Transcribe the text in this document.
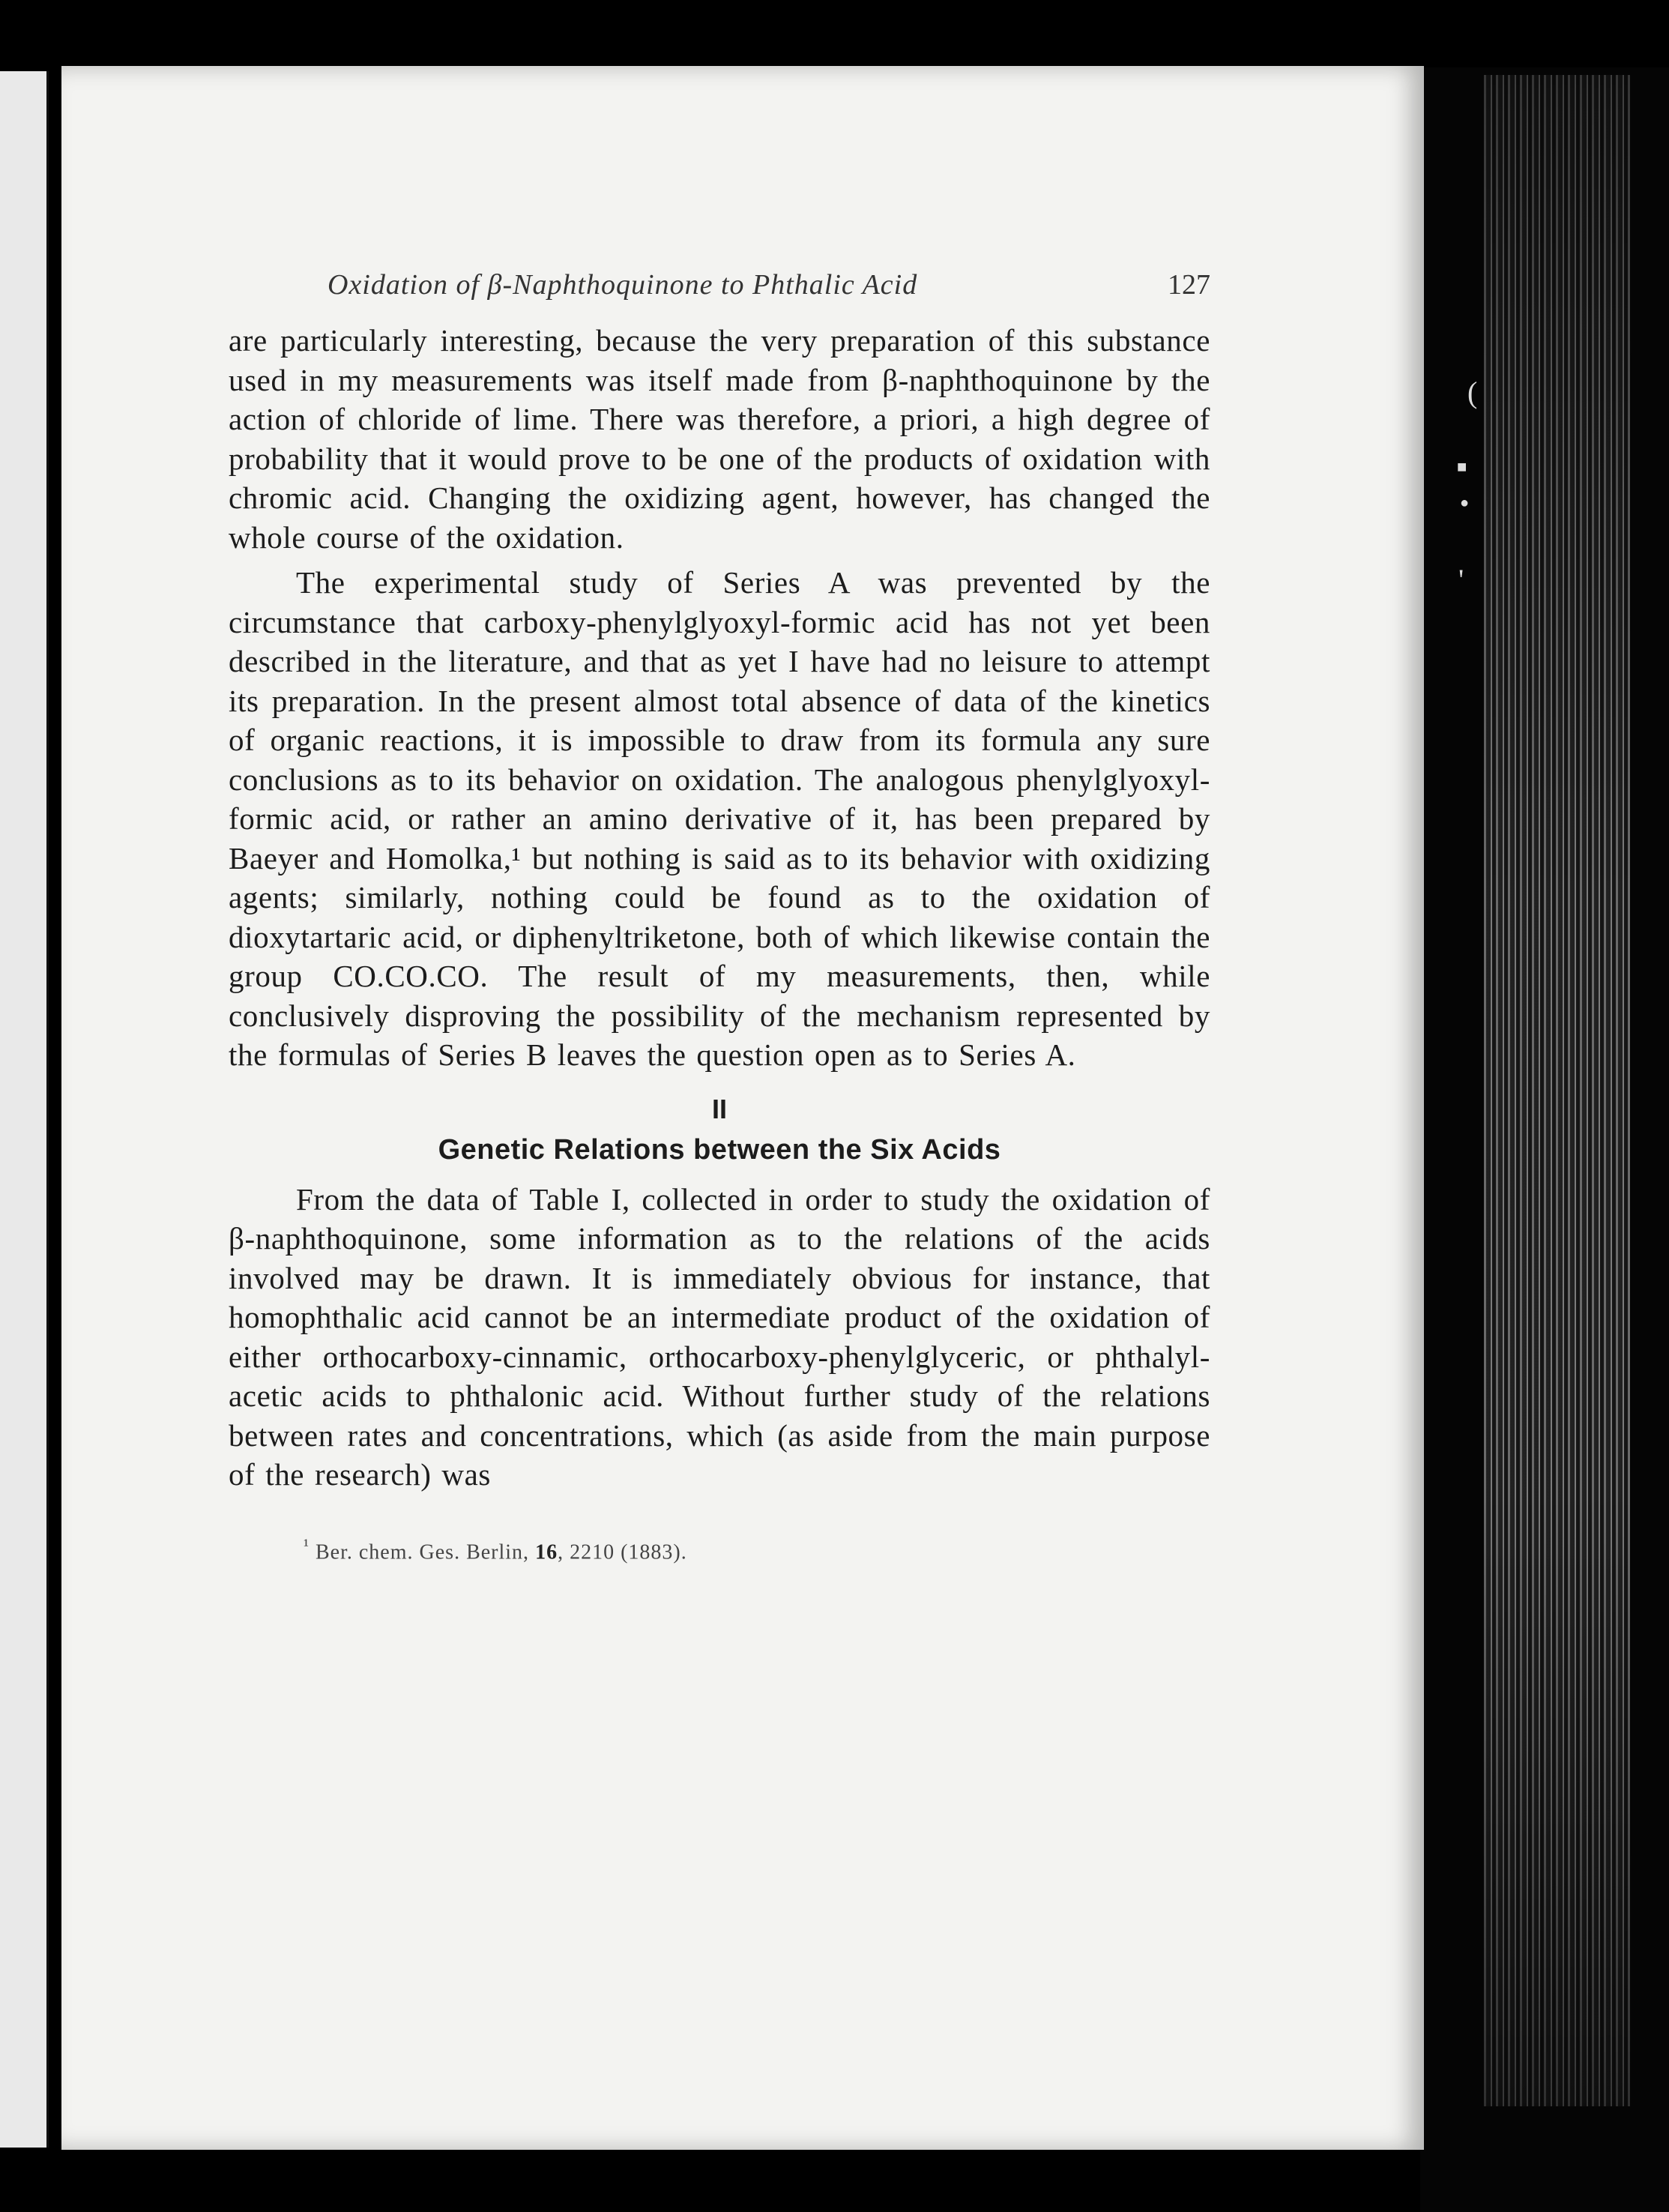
(
■
●
'
Oxidation of β-Naphthoquinone to Phthalic Acid	127

are particularly interesting, because the very preparation of this substance used in my measurements was itself made from β-naphthoquinone by the action of chloride of lime. There was therefore, a priori, a high degree of probability that it would prove to be one of the products of oxidation with chromic acid. Changing the oxidizing agent, however, has changed the whole course of the oxidation.

The experimental study of Series A was prevented by the circumstance that carboxy-phenylglyoxyl-formic acid has not yet been described in the literature, and that as yet I have had no leisure to attempt its preparation. In the present almost total absence of data of the kinetics of organic reactions, it is impossible to draw from its formula any sure conclusions as to its behavior on oxidation. The analogous phenylglyoxyl-formic acid, or rather an amino derivative of it, has been prepared by Baeyer and Homolka,¹ but nothing is said as to its behavior with oxidizing agents; similarly, nothing could be found as to the oxidation of dioxytartaric acid, or diphenyltriketone, both of which likewise contain the group CO.CO.CO. The result of my measurements, then, while conclusively disproving the possibility of the mechanism represented by the formulas of Series B leaves the question open as to Series A.

II
Genetic Relations between the Six Acids

From the data of Table I, collected in order to study the oxidation of β-naphthoquinone, some information as to the relations of the acids involved may be drawn. It is immediately obvious for instance, that homophthalic acid cannot be an intermediate product of the oxidation of either orthocarboxy-cinnamic, orthocarboxy-phenylglyceric, or phthalyl-acetic acids to phthalonic acid. Without further study of the relations between rates and concentrations, which (as aside from the main purpose of the research) was

$^{^1}$ Ber. chem. Ges. Berlin, 16, 2210 (1883).
